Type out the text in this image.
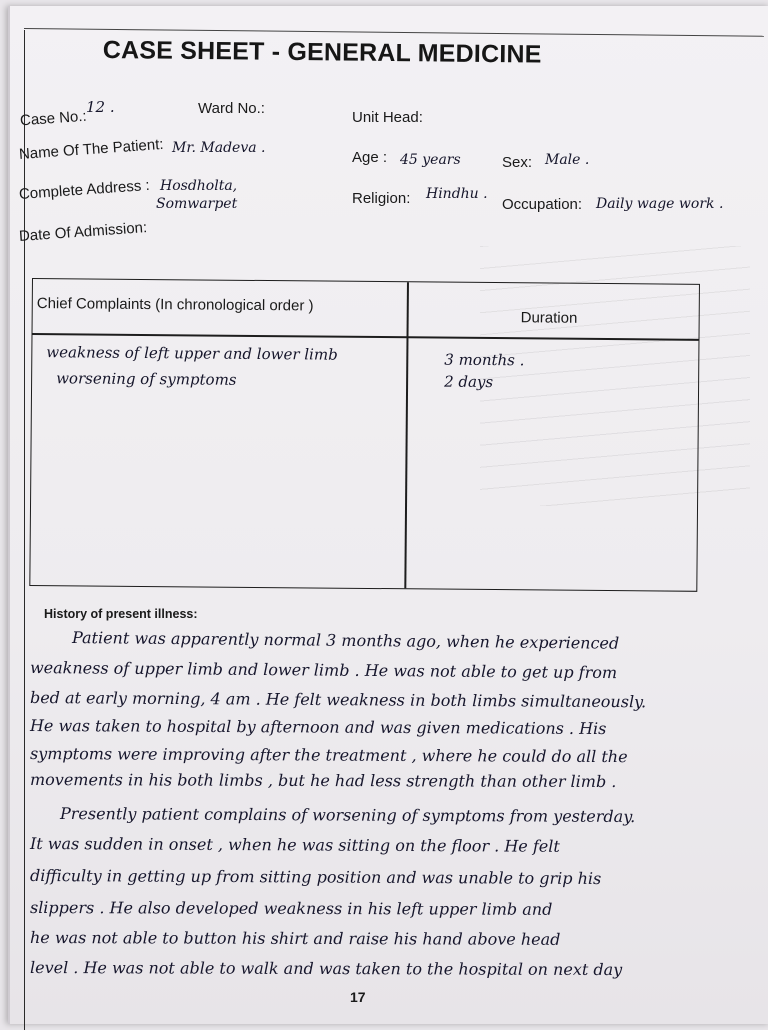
CASE SHEET - GENERAL MEDICINE
Case No.:
12 .	Ward No.:
Unit Head:
Name Of The Patient: Mr. Madeva .
Age : 45 years	Sex: Male .
Complete Address : Hosdholta,
Somwarpet	Religion: Hindhu .
Occupation: Daily wage work .
Date Of Admission:
Chief Complaints (In chronological order )
Duration
weakness of left upper and lower limb	3 months .
worsening of symptoms	2 days
History of present illness:
Patient was apparently normal 3 months ago, when he experienced
weakness of upper limb and lower limb . He was not able to get up from
bed at early morning, 4 am . He felt weakness in both limbs simultaneously.
He was taken to hospital by afternoon and was given medications . His
symptoms were improving after the treatment , where he could do all the
movements in his both limbs , but he had less strength than other limb .
Presently patient complains of worsening of symptoms from yesterday.
It was sudden in onset , when he was sitting on the floor . He felt
difficulty in getting up from sitting position and was unable to grip his
slippers . He also developed weakness in his left upper limb and
he was not able to button his shirt and raise his hand above head
level . He was not able to walk and was taken to the hospital on next day
17
